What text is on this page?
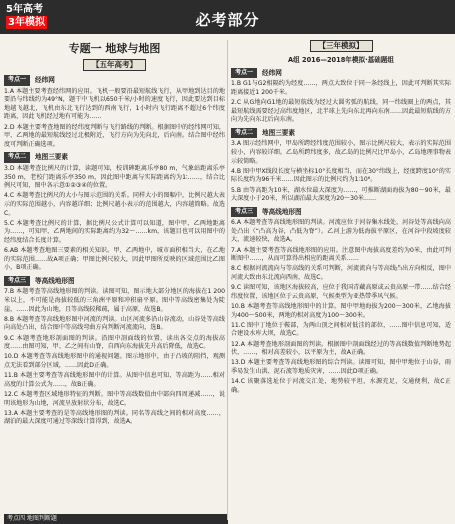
5年高考
3年模拟	必考部分
专题一 地球与地图
【五年高考】
考点一	经纬网

1.A 本题主要考查经纬网的应用。飞机一般要沿最短航线飞行，从甲地到达目的地要沿与纬线约为49°N，题干中飞机以650千米/小时的速度飞行，因此要达到目标地越飞越北，飞机由东北飞行达到的西南飞行，1小时内飞行距离不超过6个纬度距离，因此飞机经过地有可能为……

2.D 本题主要考查地图的经纬度判断与飞行路线的判断。根据图中的经纬网可知，甲、乙两地的最短航线经过北极附近，飞行方向为先向北，后向南。结合图中经纬度可判断正确选项。

考点二	地图三要素

3.D 本题考查比例尺的计算，读题可知，校训碑距离乐亭80 m，气象站距离乐亭350 m，老校门距离乐亭350 m，因此图中距离与实际距离约为1∶……，结合比例尺可知，图中各示意①②③④的位置。

4.C 本题考查比例尺的大小与图示范围的关系。同样大小的图幅中，比例尺越大表示的实际范围越小，内容越详细；比例尺越小表示的范围越大，内容越简略。故选C。

5.C 本题考查比例尺的计算，据比例尺公式计算可以知道，图中甲、乙两地距离为……，可知甲、乙两地间的实际距离约为32～……km，该题目也可以用图中的经纬度结合长度计算。

6.AB 本题考查地图三要素的相关知识。甲、乙两地中，城市面积相当大，在乙地的实际范围……故A项正确；甲图比例尺较大，因此甲图所反映的区域范围比乙图小，B项正确。

考点三	等高线地形图

7.B 本题考查等高线地形图的判读。读图可知，图示地大部分地区的海拔在1 200米以上，不可能是海拔较低的三角洲平原和冲积扇平原。图中等高线密集处为陡崖，……因此为山地，且等高线较稀疏，属于高原，故选B。

8.B 本题考查等高线地形图中河流的判读。山区河流多沿山谷流动，山谷处等高线向高处凸出，结合图中等高线弯曲方向判断河流流向，选B。

9.C 本题考查地形剖面图的判读。沿图中剖面线的位置，读出各交点的海拔高度……由图可知，甲、乙之间有山脊，自西向东海拔先升高后降低，故选C。

10.D 本题考查等高线地形图中的通视问题。图示地形中，由于凸坡的阻挡，观测点无法看到部分区域，……因此D正确。

11.B 本题主要考查等高线地形图中的计算。从图中信息可知，等高距为……相对高度的计算公式为……，故B正确。

12.C 本题考查区域地形特征的判断。图中等高线数值由中部向四周递减……，说明该地形为山地，河流呈放射状分布，故选C。

13.A 本题主要考查的是等高线地形图的判读。同名等高线之间的相对高度……，湖泊的最大深度可通过等深线计算得到，故选A。

考点四 地图判断题
【三年模拟】
A组 2016—2018年模拟·基础题组
考点一	经纬网

1.B G1与G2相隔约为经度……，两点大致位于同一条经线上，因此可判断其实际距离接近1 200千米。

2.C 从G地向G1地的最短航线为经过大圆劣弧的航线，同一纬线圈上的两点，其最短航线需要经过高纬度地区，北半球上先向东北再向东南……因此最短航线的方向为先向东北后向东南。

考点二	地图三要素

3.A 图示经纬网中，甲岛所跨经纬度范围较小，图示比例尺较大，表示的实际范围较小，内容较详细。乙岛所跨纬度多，故乙岛的比例尺比甲岛小，乙岛地理事物表示较简略。

4.B 图中甲X线段长度与横坐标10°长度相当，而在30°纬线上，经度跨度10°的实际长度约为96千米……因此图示的比例尺约为1∶10⁶。

5.B 由等高距为10米，湖水位最大深度为……，可推断湖面海拔为80～90米，最大深度小于20米，所以湖泊最大深度为20～30米……

考点三	等高线地形图

6.A 本题考查等高线地形图的判读。河流应位于河谷集水线处，河谷处等高线向高处凸出（“凸高为谷，凸低为脊”）。乙河上游为低海拔平原区，在河谷中段坡度较大，流速较快，故选A。

7.A 本题主要考查等高线地形图的应用。注意图中海拔高度差约为0米，由此可判断图中……，从而可算得出相应的距离关系……

8.C 根据河流流向与等高线的关系可判断，河流流向与等高线凸出方向相反，图中河流大致由东北流向西南，故选C。

9.C 读图可知，该地区海拔较高，应位于我国青藏高原或云贵高原一带……结合经纬度位置，该地区位于云贵高原，气候类型为亚热带季风气候。

10.B 本题考查等高线地形图中的计算。图中甲地海拔为200～300米，乙地海拔为400～500米，两地的相对高度为100～300米。

11.C 图中丁地位于鞍部，为两山顶之间相对低洼的部位，……图中信息可知，适合建设水库大坝，故选C。

12.A 本题考查地形剖面图的判读。根据图中剖面线经过的等高线数值判断地势起伏，……，相对高差较小，以平原为主，故A正确。

13.D 本题主要考查等高线地形图的综合判读。读图可知，图中甲地位于山谷，雨季易发生山洪、泥石流等地质灾害，……因此D项正确。

14.C 该聚落选址位于河流交汇处，地势较平坦，水源充足，交通便利，故C正确。
